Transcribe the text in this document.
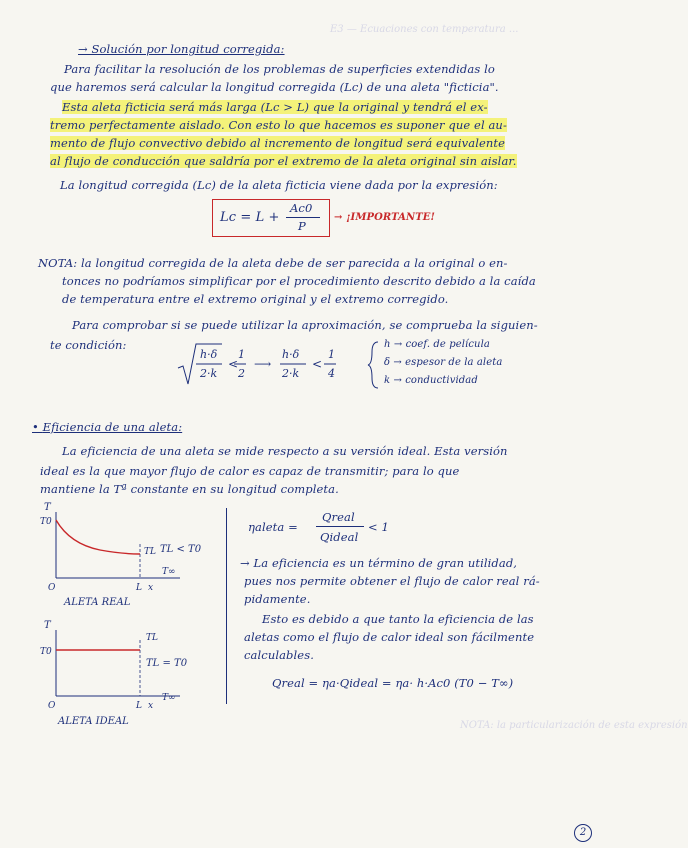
E3 — Ecuaciones con temperatura ...
→ Solución por longitud corregida:
Para facilitar la resolución de los problemas de superficies extendidas lo
que haremos será calcular la longitud corregida (Lc) de una aleta "ficticia".
Esta aleta ficticia será más larga (Lc > L) que la original y tendrá el ex-
tremo perfectamente aislado. Con esto lo que hacemos es suponer que el au-
mento de flujo convectivo debido al incremento de longitud será equivalente
al flujo de conducción que saldría por el extremo de la aleta original sin aislar.
La longitud corregida (Lc) de la aleta ficticia viene dada por la expresión:
Lc = L +
Ac0
P
→ ¡IMPORTANTE!
NOTA: la longitud corregida de la aleta debe de ser parecida a la original o en-
tonces no podríamos simplificar por el procedimiento descrito debido a la caída
de temperatura entre el extremo original y el extremo corregido.
Para comprobar si se puede utilizar la aproximación, se comprueba la siguien-
te condición:
h·δ
2·k
<
1
2
⟶
h·δ
2·k
<
1
4
h → coef. de película
δ → espesor de la aleta
k → conductividad
• Eficiencia de una aleta:
La eficiencia de una aleta se mide respecto a su versión ideal. Esta versión
ideal es la que mayor flujo de calor es capaz de transmitir; para lo que
mantiene la Tª constante en su longitud completa.
T
T0
TL TL < T0
O	L x
T∞
ALETA REAL
T
T0
TL
TL = T0
O	L x
T∞
ALETA IDEAL
ηaleta =
Qreal
Qideal
< 1
→ La eficiencia es un término de gran utilidad,
pues nos permite obtener el flujo de calor real rá-
pidamente.
Esto es debido a que tanto la eficiencia de las
aletas como el flujo de calor ideal son fácilmente
calculables.
Qreal = ηa·Qideal = ηa· h·Ac0 (T0 − T∞)
NOTA: la particularización de esta expresión
2
